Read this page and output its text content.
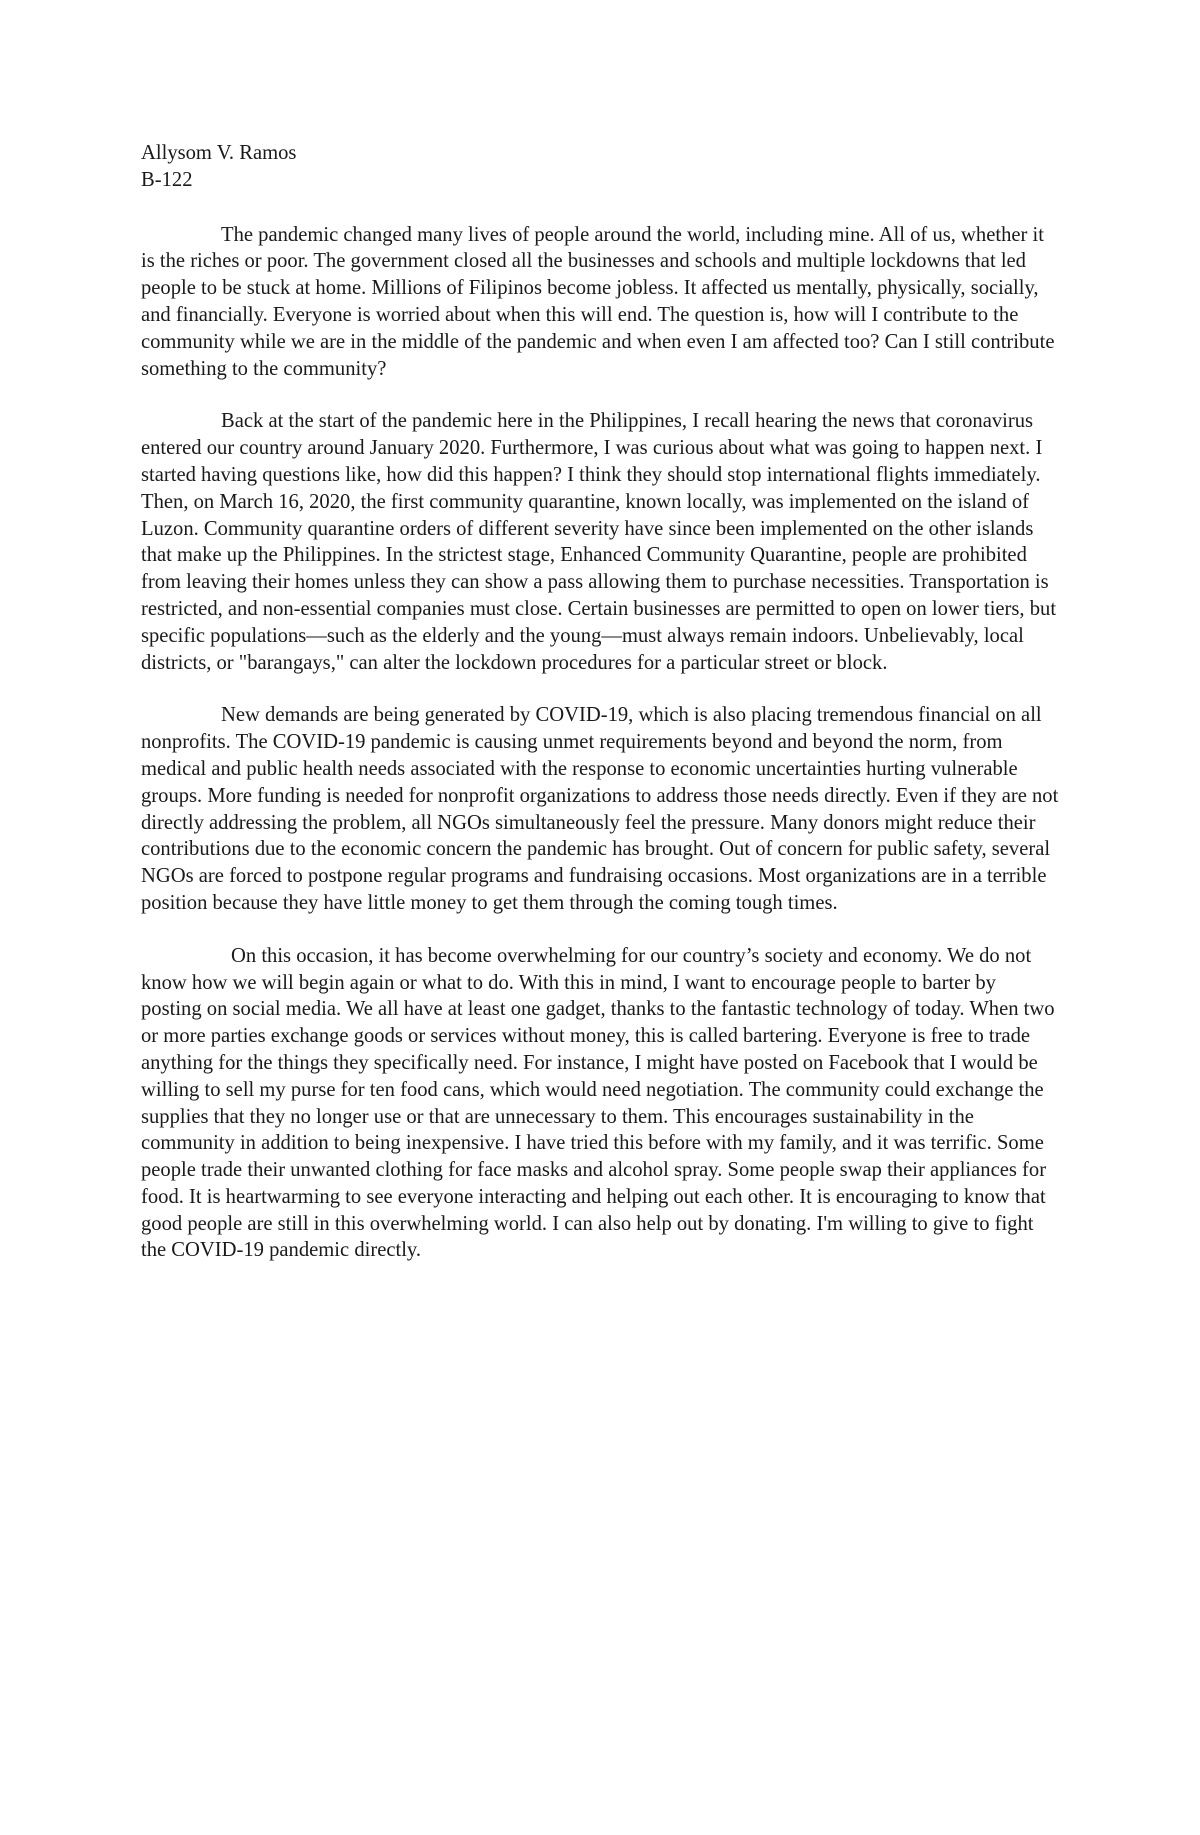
Allysom V. Ramos
B-122

The pandemic changed many lives of people around the world, including mine. All of us, whether it is the riches or poor. The government closed all the businesses and schools and multiple lockdowns that led people to be stuck at home. Millions of Filipinos become jobless. It affected us mentally, physically, socially, and financially. Everyone is worried about when this will end. The question is, how will I contribute to the community while we are in the middle of the pandemic and when even I am affected too? Can I still contribute something to the community?

Back at the start of the pandemic here in the Philippines, I recall hearing the news that coronavirus entered our country around January 2020. Furthermore, I was curious about what was going to happen next. I started having questions like, how did this happen? I think they should stop international flights immediately. Then, on March 16, 2020, the first community quarantine, known locally, was implemented on the island of Luzon. Community quarantine orders of different severity have since been implemented on the other islands that make up the Philippines. In the strictest stage, Enhanced Community Quarantine, people are prohibited from leaving their homes unless they can show a pass allowing them to purchase necessities. Transportation is restricted, and non-essential companies must close. Certain businesses are permitted to open on lower tiers, but specific populations—such as the elderly and the young—must always remain indoors. Unbelievably, local districts, or "barangays," can alter the lockdown procedures for a particular street or block.

New demands are being generated by COVID-19, which is also placing tremendous financial on all nonprofits. The COVID-19 pandemic is causing unmet requirements beyond and beyond the norm, from medical and public health needs associated with the response to economic uncertainties hurting vulnerable groups. More funding is needed for nonprofit organizations to address those needs directly. Even if they are not directly addressing the problem, all NGOs simultaneously feel the pressure. Many donors might reduce their contributions due to the economic concern the pandemic has brought. Out of concern for public safety, several NGOs are forced to postpone regular programs and fundraising occasions. Most organizations are in a terrible position because they have little money to get them through the coming tough times.

On this occasion, it has become overwhelming for our country’s society and economy. We do not know how we will begin again or what to do. With this in mind, I want to encourage people to barter by posting on social media. We all have at least one gadget, thanks to the fantastic technology of today. When two or more parties exchange goods or services without money, this is called bartering. Everyone is free to trade anything for the things they specifically need. For instance, I might have posted on Facebook that I would be willing to sell my purse for ten food cans, which would need negotiation. The community could exchange the supplies that they no longer use or that are unnecessary to them. This encourages sustainability in the community in addition to being inexpensive. I have tried this before with my family, and it was terrific. Some people trade their unwanted clothing for face masks and alcohol spray. Some people swap their appliances for food. It is heartwarming to see everyone interacting and helping out each other. It is encouraging to know that good people are still in this overwhelming world. I can also help out by donating. I'm willing to give to fight the COVID-19 pandemic directly.
